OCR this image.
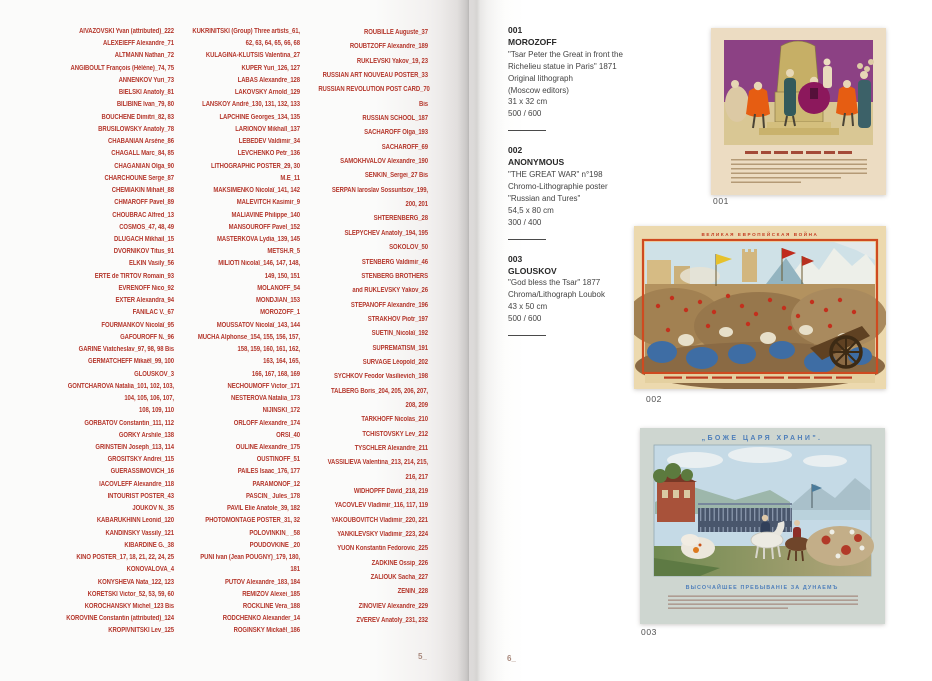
AIVAZOVSKI Yvan (attributed)_222
ALEXEIEFF Alexandre_71
ALTMANN Nathan_72
ANGIBOULT François (Hélène)_74, 75
ANNENKOV Yuri_73
BIELSKI Anatoly_81
BILIBINE Ivan_79, 80
BOUCHENE Dimitri_82, 83
BRUSILOWSKY Anatoly_78
CHABANIAN Arsène_86
CHAGALL Marc_84, 85
CHAGANIAN Olga_90
CHARCHOUNE Serge_87
CHEMIAKIN Mihaël_88
CHMAROFF Pavel_89
CHOUBRAC Alfred_13
COSMOS_47, 48, 49
DLUGACH Mikhail_15
DVORNIKOV Titus_91
ELKIN Vasily_56
ERTE de TIRTOV Romain_93
EVRENOFF Nico_92
EXTER Alexandra_94
FANILAC V._67
FOURMANKOV Nicolaï_95
GAFOUROFF N._96
GARINE Viatcheslav_97, 98, 98 Bis
GERMATCHEFF Mikaël_99, 100
GLOUSKOV_3
GONTCHAROVA Natalia_101, 102, 103,
104, 105, 106, 107,
108, 109, 110
GORBATOV Constantin_111, 112
GORKY Arshile_138
GRINSTEIN Joseph_113, 114
GROSITSKY Andrei_115
GUERASSIMOVICH_16
IACOVLEFF Alexandre_118
INTOURIST POSTER_43
JOUKOV N._35
KABARUKHINN Leonid_120
KANDINSKY Vassily_121
KIBARDINE G._38
KINO POSTER_17, 18, 21, 22, 24, 25
KONOVALOVA_4
KONYSHEVA Nata_122, 123
KORETSKI Victor_52, 53, 59, 60
KOROCHANSKY Michel_123 Bis
KOROVINE Constantin (attributed)_124
KROPIVNITSKI Lev_125
KUKRINITSKI (Group) Three artists_61,
62, 63, 64, 65, 66, 68
KULAGINA-KLUTSIS Valentina_27
KUPER Yuri_126, 127
LABAS Alexandre_128
LAKOVSKY Arnold_129
LANSKOY André_130, 131, 132, 133
LAPCHINE Georges_134, 135
LARIONOV Mikhaïl_137
LEBEDEV Valdimir_34
LEVCHENKO Petr_136
LITHOGRAPHIC POSTER_29, 30
M.E_11
MAKSIMENKO Nicolaï_141, 142
MALEVITCH Kasimir_9
MALIAVINE Philippe_140
MANSOUROFF Pavel_152
MASTERKOVA Lydia_139, 145
METSH.R_5
MILIOTI Nicolaï_146, 147, 148,
149, 150, 151
MOLANOFF_54
MONDJIAN_153
MOROZOFF_1
MOUSSATOV Nicolaï_143, 144
MUCHA Alphonse_154, 155, 156, 157,
158, 159, 160, 161, 162,
163, 164, 165,
166, 167, 168, 169
NECHOUMOFF Victor_171
NESTEROVA Natalia_173
NIJINSKI_172
ORLOFF Alexandre_174
ORSI_40
OULINE Alexandre_175
OUSTINOFF_51
PAILES Isaac_176, 177
PARAMONOF_12
PASCIN_ Jules_178
PAVIL Elie Anatole_39, 182
PHOTOMONTAGE POSTER_31, 32
POLOVINKIN_ _58
POUDOVKINE _20
PUNI Ivan (Jean POUGNY)_179, 180,
181
PUTOV Alexandre_183, 184
REMIZOV Alexei_185
ROCKLINE Vera_188
RODCHENKO Alexander_14
ROGINSKY Mickaël_186
ROUBILLE Auguste_37
ROUBTZOFF Alexandre_189
RUKLEVSKI Yakov_19, 23
RUSSIAN ART NOUVEAU POSTER_33
RUSSIAN REVOLUTION POST CARD_70
Bis
RUSSIAN SCHOOL_187
SACHAROFF Olga_193
SACHAROFF_69
SAMOKHVALOV Alexandre_190
SENKIN_Sergei_27 Bis
SERPAN Iaroslav Sossuntsov_199,
200, 201
SHTERENBERG_28
SLEPYCHEV Anatoly_194, 195
SOKOLOV_50
STENBERG Valdimir_46
STENBERG BROTHERS
and RUKLEVSKY Yakov_26
STEPANOFF Alexandre_196
STRAKHOV Piotr_197
SUETIN_Nicolaï_192
SUPREMATISM_191
SURVAGE Léopold_202
SYCHKOV Feodor Vasilievich_198
TALBERG Boris_204, 205, 206, 207,
208, 209
TARKHOFF Nicolas_210
TCHISTOVSKY Lev_212
TYSCHLER Alexandre_211
VASSILIEVA Valentina_213, 214, 215,
216, 217
WIDHOPFF David_218, 219
YACOVLEV Vladimir_116, 117, 119
YAKOUBOVITCH Vladimir_220, 221
YANKILEVSKY Vladimir_223, 224
YUON Konstantin Fedorovic_225
ZADKINE Ossip_226
ZALIOUK Sacha_227
ZENIN_228
ZINOVIEV Alexandre_229
ZVEREV Anatoly_231, 232
5_
001
MOROZOFF
"Tsar Peter the Great in front the
Richelieu statue in Paris" 1871
Original lithograph
(Moscow editors)
31 x 32 cm
500 / 600
002
ANONYMOUS
"THE GREAT WAR" n°198
Chromo-Lithographie poster
"Russian and Tures"
54,5 x 80 cm
300 / 400
003
GLOUSKOV
"God bless the Tsar" 1877
Chroma/Lithograph Loubok
43 x 50 cm
500 / 600
001
ВЕЛИКАЯ ЕВРОПЕЙСКАЯ ВОЙНА
002
„БОЖЕ ЦАРЯ ХРАНИ".
ВЫСОЧАЙШЕЕ ПРЕБЫВАНІЕ ЗА ДУНАЕМЪ
003
6_
